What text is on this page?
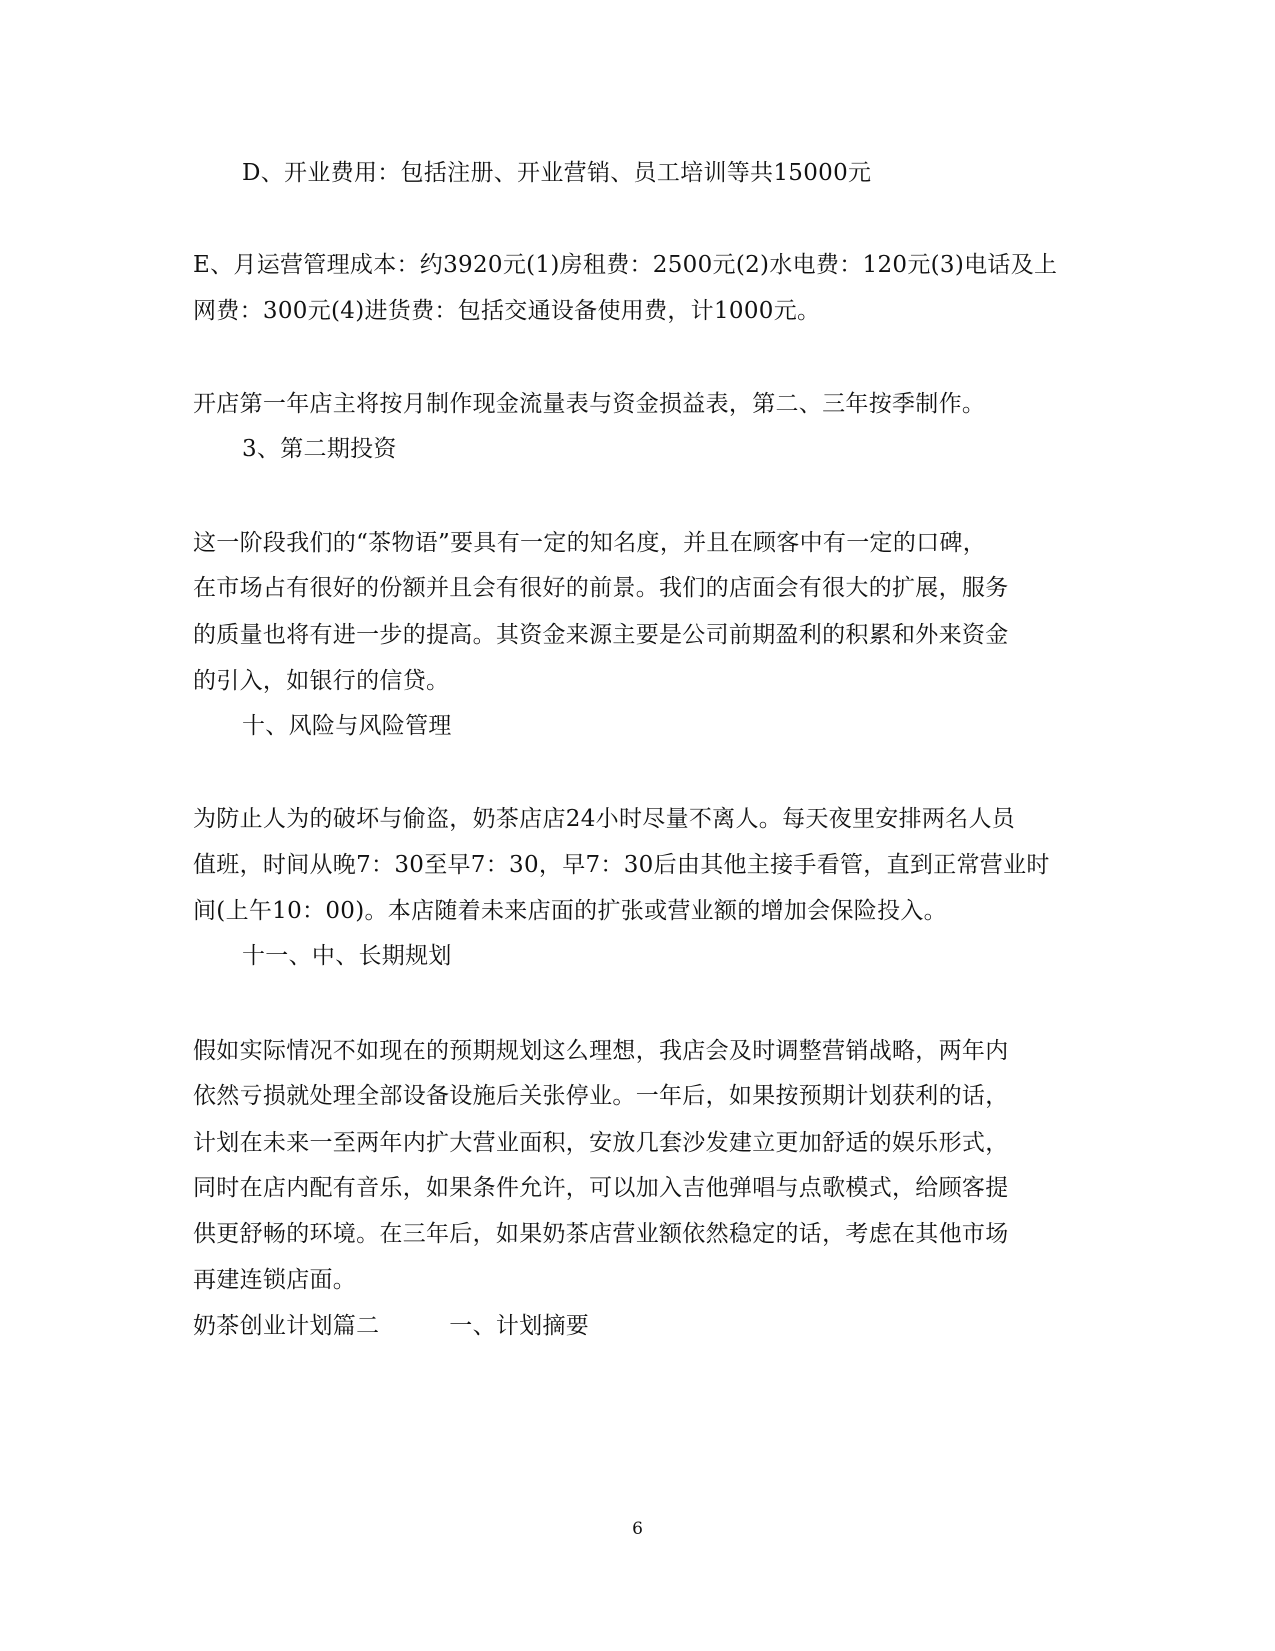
D、开业费用：包括注册、开业营销、员工培训等共15000元
E、月运营管理成本：约3920元(1)房租费：2500元(2)水电费：120元(3)电话及上
网费：300元(4)进货费：包括交通设备使用费，计1000元。
开店第一年店主将按月制作现金流量表与资金损益表，第二、三年按季制作。
3、第二期投资
这一阶段我们的“茶物语”要具有一定的知名度，并且在顾客中有一定的口碑，
在市场占有很好的份额并且会有很好的前景。我们的店面会有很大的扩展，服务
的质量也将有进一步的提高。其资金来源主要是公司前期盈利的积累和外来资金
的引入，如银行的信贷。
十、风险与风险管理
为防止人为的破坏与偷盗，奶茶店店24小时尽量不离人。每天夜里安排两名人员
值班，时间从晚7：30至早7：30，早7：30后由其他主接手看管，直到正常营业时
间(上午10：00)。本店随着未来店面的扩张或营业额的增加会保险投入。
十一、中、长期规划
假如实际情况不如现在的预期规划这么理想，我店会及时调整营销战略，两年内
依然亏损就处理全部设备设施后关张停业。一年后，如果按预期计划获利的话，
计划在未来一至两年内扩大营业面积，安放几套沙发建立更加舒适的娱乐形式，
同时在店内配有音乐，如果条件允许，可以加入吉他弹唱与点歌模式，给顾客提
供更舒畅的环境。在三年后，如果奶茶店营业额依然稳定的话，考虑在其他市场
再建连锁店面。
奶茶创业计划篇二　　　一、计划摘要
6
